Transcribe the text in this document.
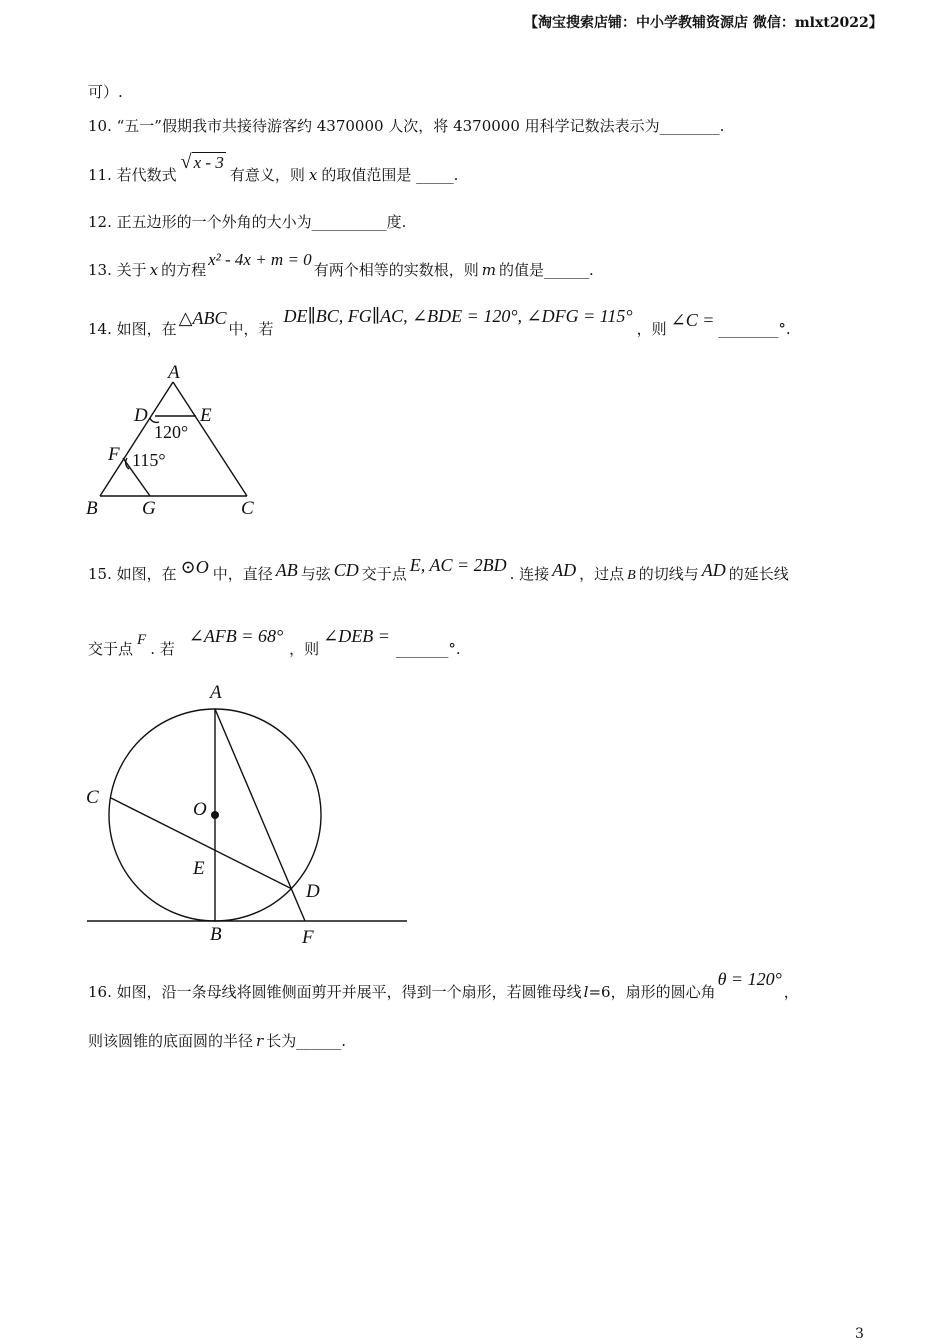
【淘宝搜索店铺：中小学教辅资源店 微信：mlxt2022】
可）.
10. “五一”假期我市共接待游客约 4370000 人次，将 4370000 用科学记数法表示为________.
11. 若代数式√ x - 3有意义，则 x 的取值范围是 _____.
12. 正五边形的一个外角的大小为__________度.
13. 关于 x 的方程x² - 4x + m = 0有两个相等的实数根，则 m 的值是______.
14. 如图，在△ABC中，若DE∥BC, FG∥AC, ∠BDE = 120°, ∠DFG = 115°，则 ∠C = ________°.
A
D	E
F
B G	C
120°
115°
15. 如图，在 ⊙O 中，直径 AB 与弦 CD 交于点 E, AC = 2BD . 连接 AD ，过点 B 的切线与 AD 的延长线
交于点 F . 若∠AFB = 68°，则∠DEB =_______°.
A
C
O
E
D
B	F
16. 如图，沿一条母线将圆锥侧面剪开并展平，得到一个扇形，若圆锥母线 l=6，扇形的圆心角θ = 120°，
则该圆锥的底面圆的半径 r 长为______.
3
